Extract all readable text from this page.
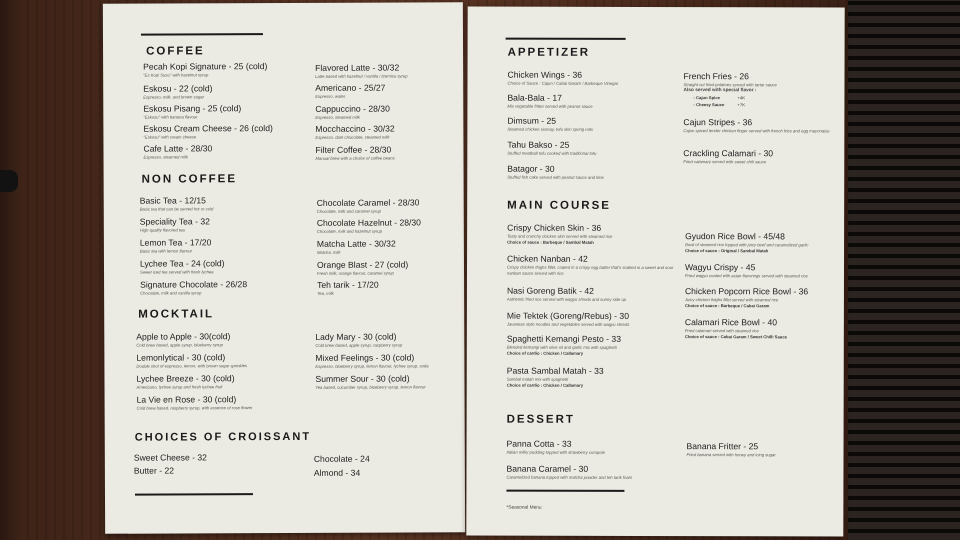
COFFEE
Pecah Kopi Signature - 25 (cold)
"Es Kopi Susu" with hazelnut syrup
Eskosu - 22 (cold)
Espresso, milk, and brown sugar
Eskosu Pisang - 25 (cold)
"Eskosu" with banana flavour
Eskosu Cream Cheese - 26 (cold)
"Eskosu" with cream cheese
Cafe Latte - 28/30
Espresso, steamed milk
Flavored Latte - 30/32
Latte based with hazelnut / vanilla / tiramisu syrup
Americano - 25/27
Espresso, water
Cappuccino - 28/30
Espresso, steamed milk
Mocchaccino - 30/32
Espresso, dark chocolate, steamed milk
Filter Coffee - 28/30
Manual brew with a choice of coffee beans
NON COFFEE
Basic Tea - 12/15
Basic tea that can be served hot or cold
Speciality Tea - 32
High quality flavored tea
Lemon Tea - 17/20
Basic tea with lemon flavour
Lychee Tea - 24 (cold)
Sweet iced tea served with fresh lychee
Signature Chocolate - 26/28
Chocolate, milk and vanilla syrup
Chocolate Caramel - 28/30
Chocolate, milk and caramel syrup
Chocolate Hazelnut - 28/30
Chocolate, milk and hazelnut syrup
Matcha Latte - 30/32
Matcha, milk
Orange Blast - 27 (cold)
Fresh milk, orange flavour, caramel syrup
Teh tarik - 17/20
Tea, milk
MOCKTAIL
Apple to Apple - 30(cold)
Cold brew based, apple syrup, blueberry syrup
Lemonlytical - 30 (cold)
Double shot of espresso, lemon, with brown sugar sprinkles
Lychee Breeze - 30 (cold)
Americano, lychee syrup and fresh lychee fruit
La Vie en Rose - 30 (cold)
Cold brew based, raspberry syrup, with essence of rose flower
Lady Mary - 30 (cold)
Cold brew based, apple syrup, raspberry syrup
Mixed Feelings - 30 (cold)
Espresso, blueberry syrup, lemon flavour, lychee syrup, soda
Summer Sour - 30 (cold)
Tea based, cucumber syrup, blueberry syrup, lemon flavour
CHOICES OF CROISSANT
Sweet Cheese - 32
Butter - 22
Chocolate - 24
Almond - 34
APPETIZER
Chicken Wings - 36
Choice of Sauce : Cajun / Cabai Garam / Barbeque Vinegar
Bala-Bala - 17
Mix vegetable fritter served with peanut sauce
Dimsum - 25
Steamed chicken siomay, tofu skin spring rolls
Tahu Bakso - 25
Stuffed meatball tofu cooked with traditional tofu
Batagor - 30
Stuffed fish cake served with peanut sauce and lime
French Fries - 26
Straight cut fried potatoes served with tartar sauce
Also served with special flavor :
- Cajun Spice	+4K
- Cheesy Sauce	+7K
Cajun Stripes - 36
Cajun spiced tender chicken finger served with french fries and egg mayonaise
Crackling Calamari - 30
Fried calamary served with sweet chili sauce
MAIN COURSE
Crispy Chicken Skin - 36
Tasty and crunchy chicken skin served with steamed rice
Choice of sauce : Barbeque / Sambal Matah
Chicken Nanban - 42
Crispy chicken thighs fillet, coated in a crispy egg batter that's soaked in a sweet and sour nanban sauce served with rice
Nasi Goreng Batik - 42
Authentic fried rice served with wagyu shreds and sunny side up
Mie Tektek (Goreng/Rebus) - 30
Javanese style noodles and vegetables served with wagyu shreds
Spaghetti Kemangi Pesto - 33
Blended kemangi with olive oil and garlic mix with spaghetti
Choice of cardio : Chicken / Callamary
Pasta Sambal Matah - 33
Sambal matah mix with spaghetti
Choice of cardio : Chicken / Callamary
Gyudon Rice Bowl - 45/48
Bowl of steamed rice topped with juicy beef and caramelized garlic
Choice of sauce : Original / Sambal Matah
Wagyu Crispy - 45
Fried wagyu coated with asian flavorings served with steamed rice
Chicken Popcorn Rice Bowl - 36
Juicy chicken thighs fillet served with steamed rice
Choice of sauce : Barbeque / Cabai Garam
Calamari Rice Bowl - 40
Fried calamari served with steamed rice
Choice of sauce : Cabai Garam / Sweet Chilli Sauce
DESSERT
Panna Cotta - 33
Italian milky pudding topped with strawberry compote
Banana Caramel - 30
Caramelized banana topped with matcha powder and teh tarik foam
Banana Fritter - 25
Fried banana served with honey and icing sugar
*Seasonal Menu
